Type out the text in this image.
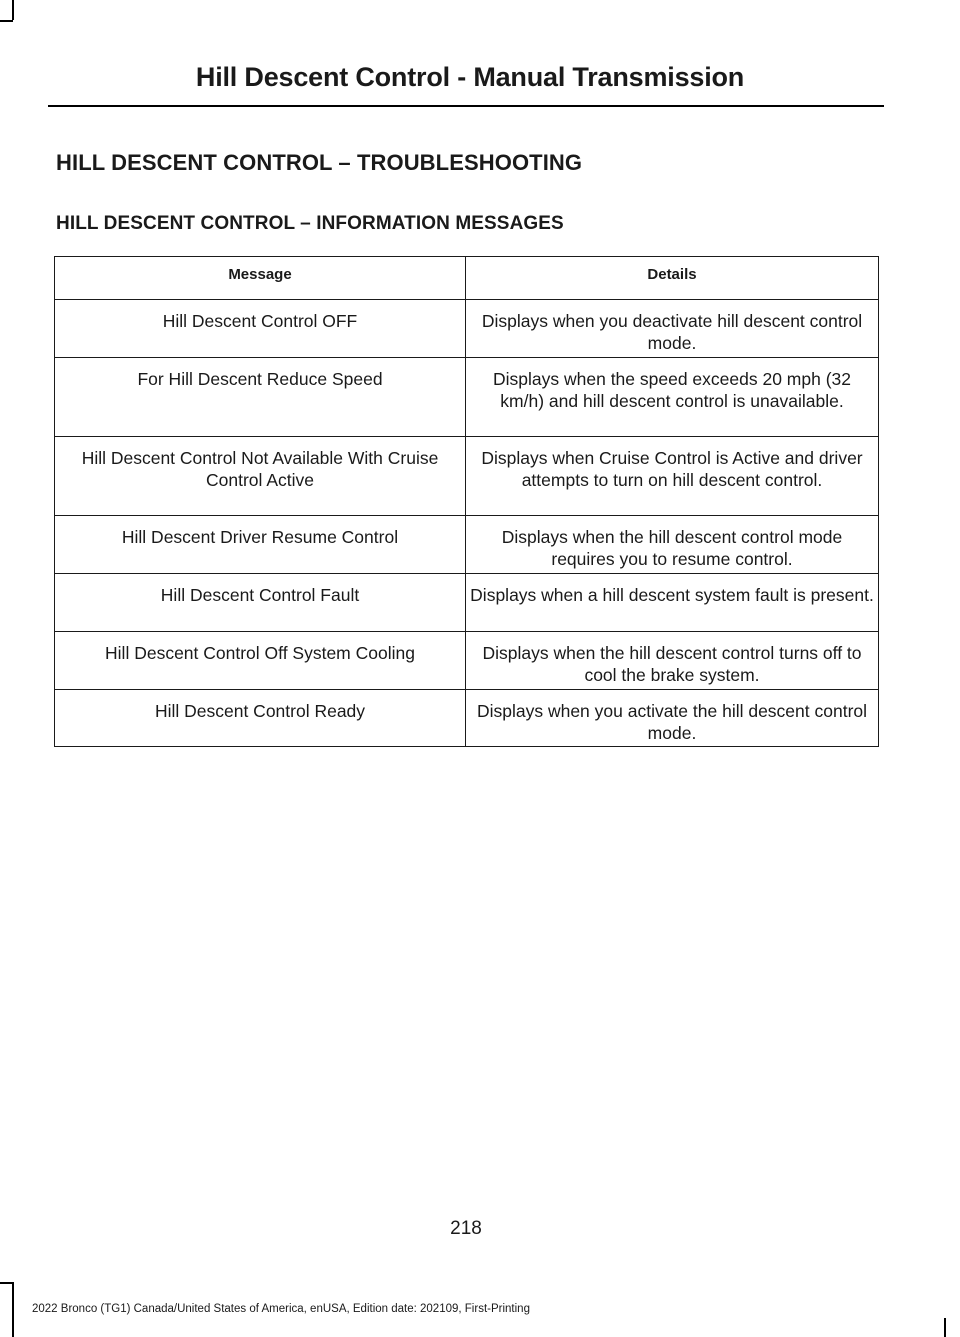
Hill Descent Control - Manual Transmission
HILL DESCENT CONTROL – TROUBLESHOOTING
HILL DESCENT CONTROL – INFORMATION MESSAGES
Message	Details
Hill Descent Control OFF	Displays when you deactivate hill descent control mode.
For Hill Descent Reduce Speed	Displays when the speed exceeds 20 mph (32 km/h) and hill descent control is unavailable.
Hill Descent Control Not Available With Cruise Control Active	Displays when Cruise Control is Active and driver attempts to turn on hill descent control.
Hill Descent Driver Resume Control	Displays when the hill descent control mode requires you to resume control.
Hill Descent Control Fault	Displays when a hill descent system fault is present.
Hill Descent Control Off System Cooling	Displays when the hill descent control turns off to cool the brake system.
Hill Descent Control Ready	Displays when you activate the hill descent control mode.
218
2022 Bronco (TG1) Canada/United States of America, enUSA, Edition date: 202109, First-Printing
